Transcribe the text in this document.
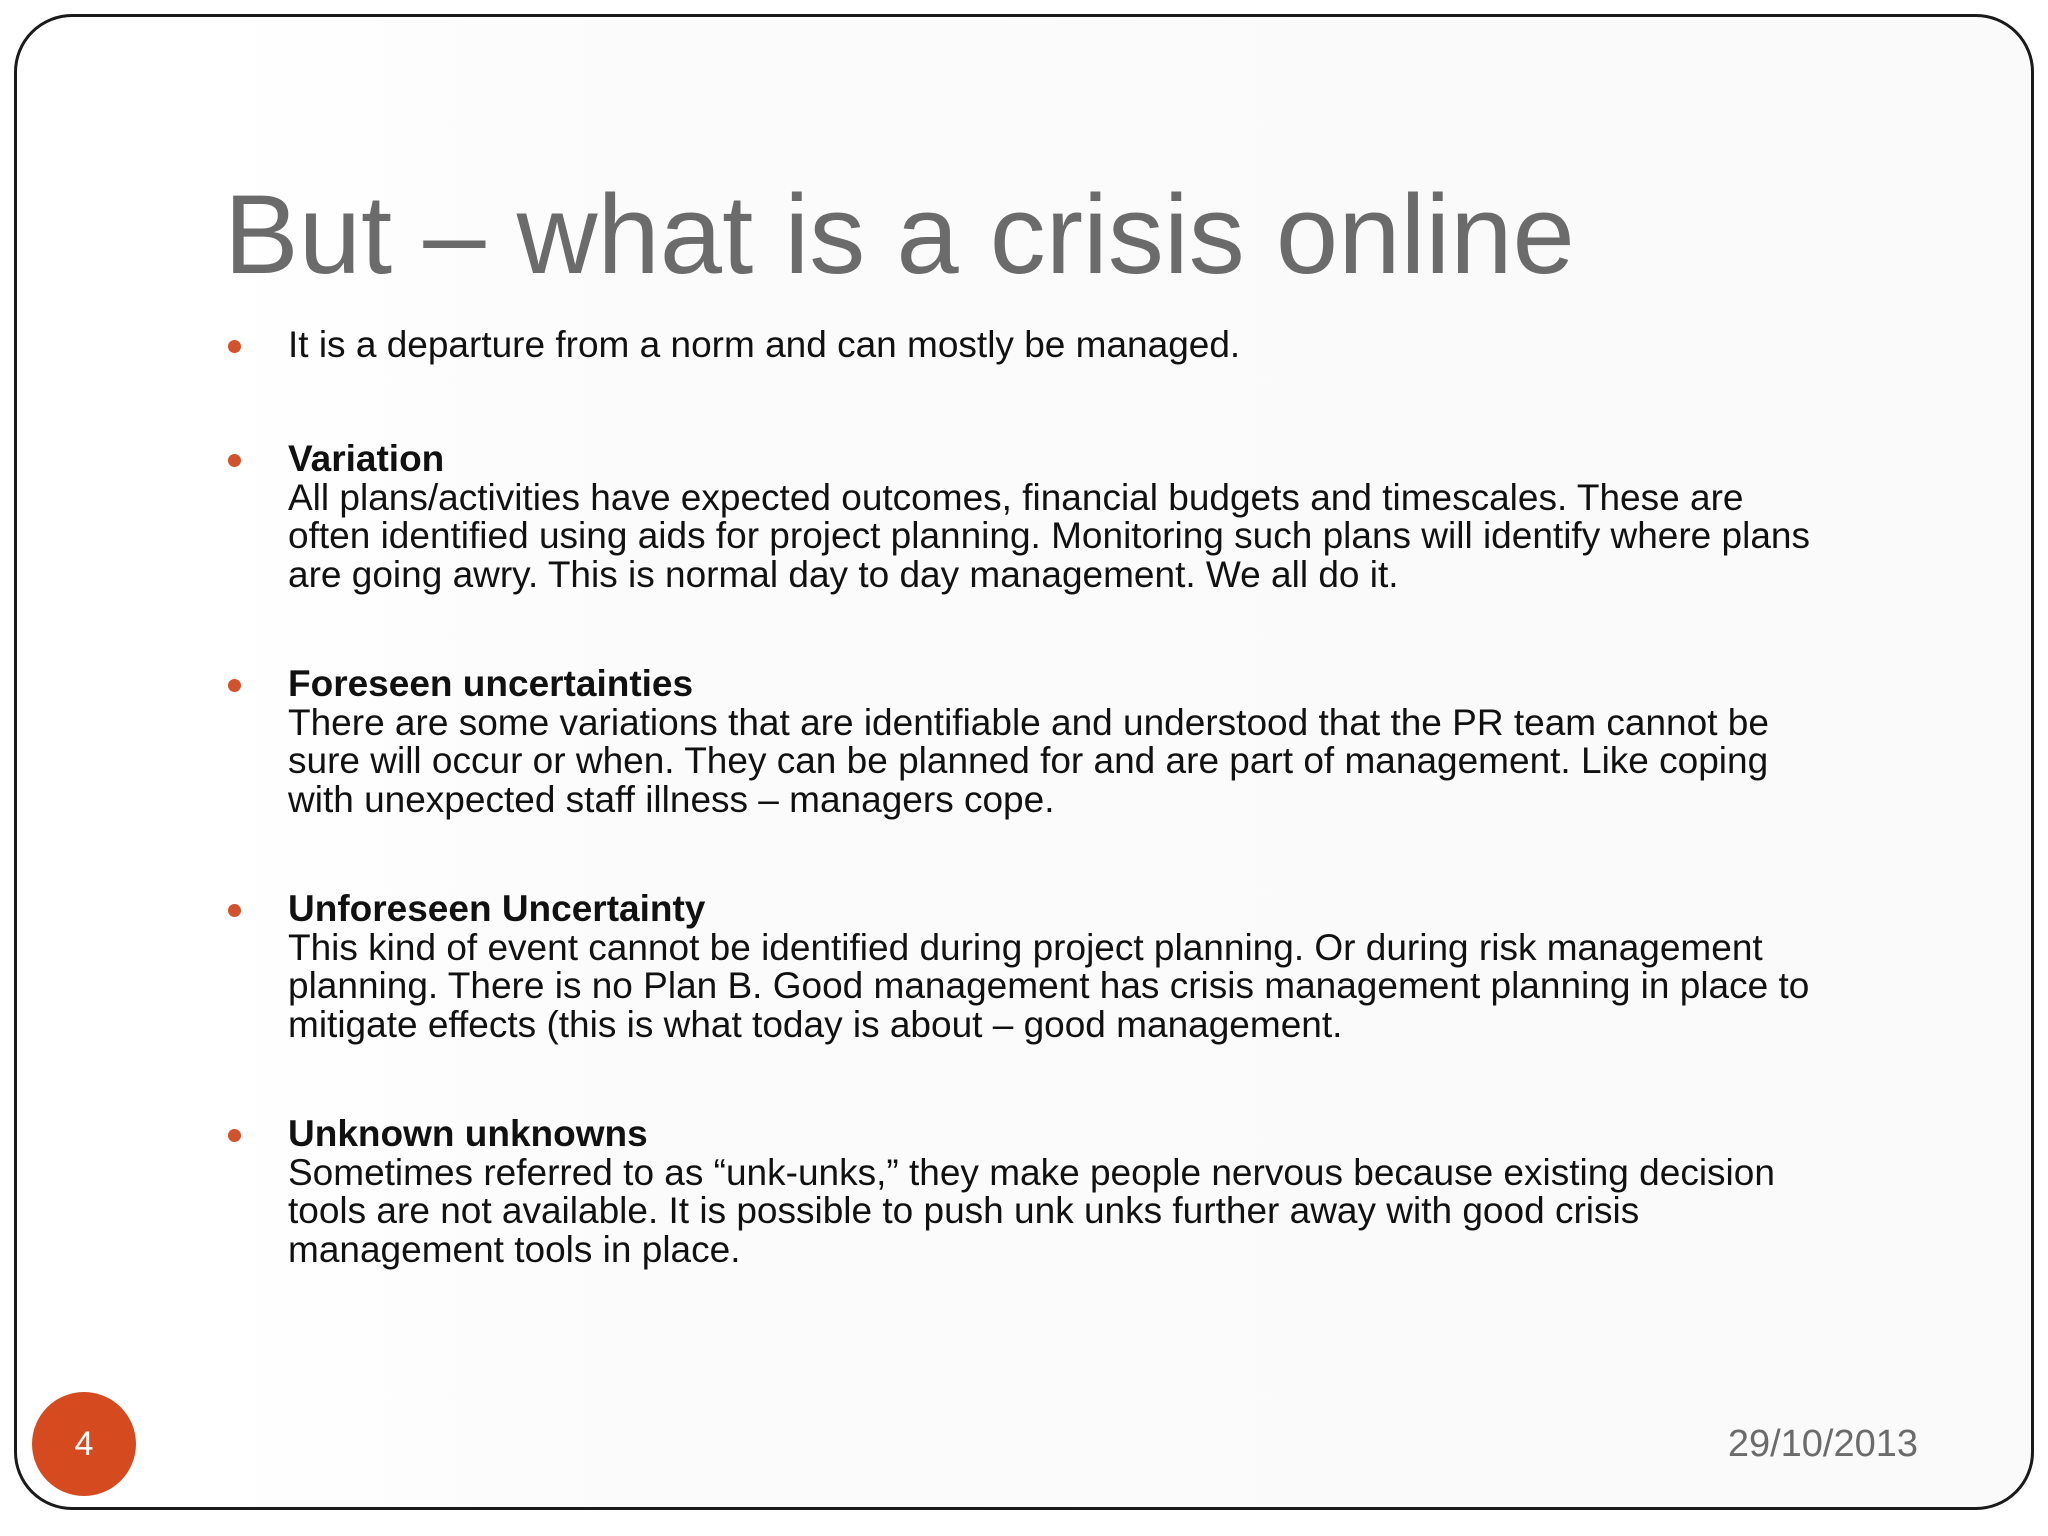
But – what is a crisis online
It is a departure from a norm and can mostly be managed.
Variation
All plans/activities have expected outcomes, financial budgets and timescales. These are
often identified using aids for project planning. Monitoring such plans will identify where plans
are going awry. This is normal day to day management. We all do it.
Foreseen uncertainties
There are some variations that are identifiable and understood that the PR team cannot be
sure will occur or when. They can be planned for and are part of management. Like coping
with unexpected staff illness – managers cope.
Unforeseen Uncertainty
This kind of event cannot be identified during project planning. Or during risk management
planning. There is no Plan B. Good management has crisis management planning in place to
mitigate effects (this is what today is about – good management.
Unknown unknowns
Sometimes referred to as “unk-unks,” they make people nervous because existing decision
tools are not available. It is possible to push unk unks further away with good crisis
management tools in place.
4	29/10/2013
